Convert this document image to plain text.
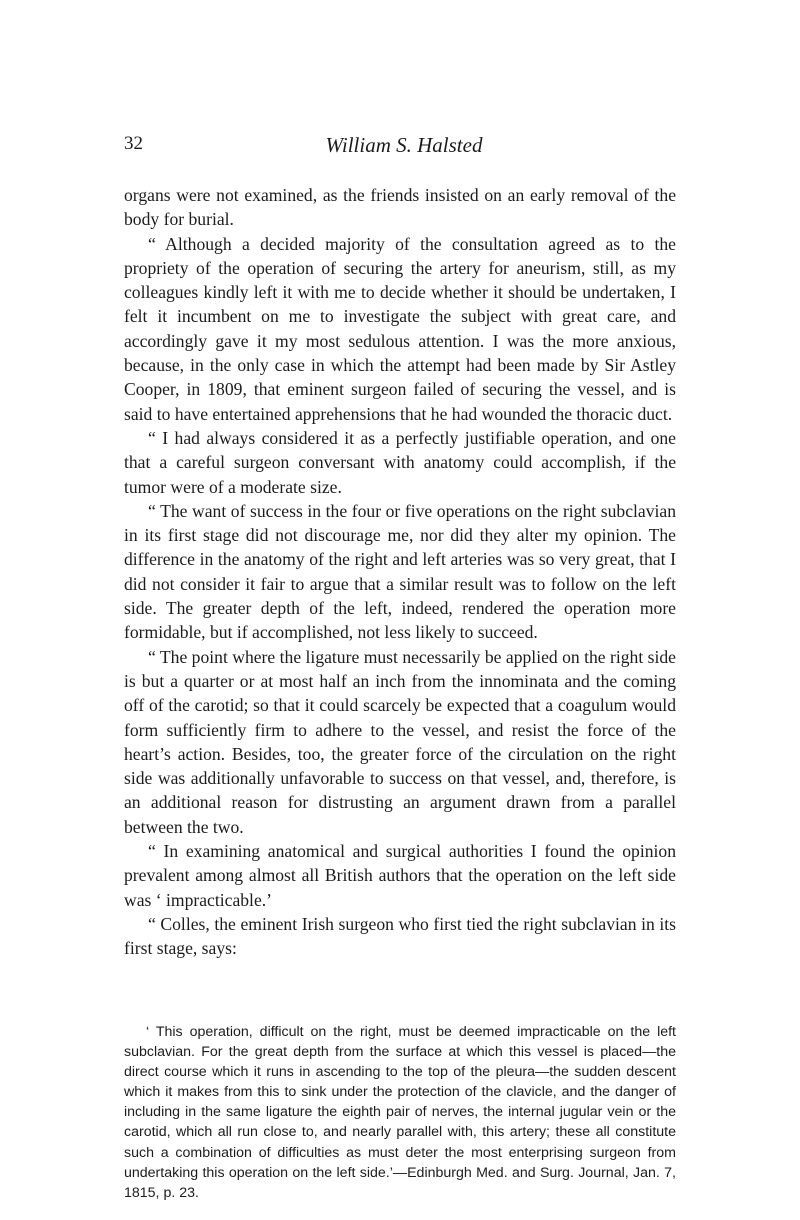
32	William S. Halsted

organs were not examined, as the friends insisted on an early removal of the body for burial.

“ Although a decided majority of the consultation agreed as to the propriety of the operation of securing the artery for aneurism, still, as my colleagues kindly left it with me to decide whether it should be undertaken, I felt it incumbent on me to investigate the subject with great care, and accordingly gave it my most sedulous attention. I was the more anxious, because, in the only case in which the attempt had been made by Sir Astley Cooper, in 1809, that eminent surgeon failed of securing the vessel, and is said to have entertained apprehensions that he had wounded the thoracic duct.

“ I had always considered it as a perfectly justifiable operation, and one that a careful surgeon conversant with anatomy could accomplish, if the tumor were of a moderate size.

“ The want of success in the four or five operations on the right subclavian in its first stage did not discourage me, nor did they alter my opinion. The difference in the anatomy of the right and left arteries was so very great, that I did not consider it fair to argue that a similar result was to follow on the left side. The greater depth of the left, indeed, rendered the operation more formidable, but if accomplished, not less likely to succeed.

“ The point where the ligature must necessarily be applied on the right side is but a quarter or at most half an inch from the innominata and the coming off of the carotid; so that it could scarcely be expected that a coagulum would form sufficiently firm to adhere to the vessel, and resist the force of the heart’s action. Besides, too, the greater force of the circulation on the right side was additionally unfavorable to success on that vessel, and, therefore, is an additional reason for distrusting an argument drawn from a parallel between the two.

“ In examining anatomical and surgical authorities I found the opinion prevalent among almost all British authors that the operation on the left side was ‘ impracticable.’

“ Colles, the eminent Irish surgeon who first tied the right subclavian in its first stage, says:

‘ This operation, difficult on the right, must be deemed impracticable on the left subclavian. For the great depth from the surface at which this vessel is placed—the direct course which it runs in ascending to the top of the pleura—the sudden descent which it makes from this to sink under the protection of the clavicle, and the danger of including in the same ligature the eighth pair of nerves, the internal jugular vein or the carotid, which all run close to, and nearly parallel with, this artery; these all constitute such a combination of difficulties as must deter the most enterprising surgeon from undertaking this operation on the left side.’—Edinburgh Med. and Surg. Journal, Jan. 7, 1815, p. 23.
